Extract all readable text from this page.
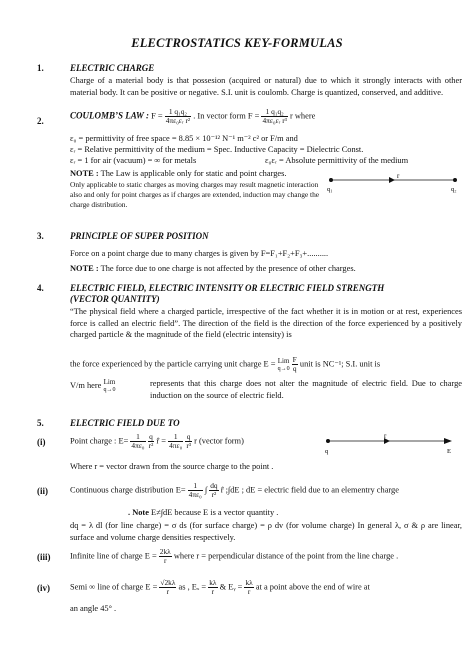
ELECTROSTATICS KEY-FORMULAS
1.	ELECTRIC CHARGE
Charge of a material body is that possesion (acquired or natural) due to which it strongly interacts with other material body. It can be positive or negative. S.I. unit is coulomb. Charge is quantized, conserved, and additive.
2.
COULOMB’S LAW : $F = \frac{\text{1 q₁q₂}}{\text{4πε₀εᵣ r²}}$ . In vector form $F = \frac{\text{1 q₁q₂}}{\text{4πε₀εᵣ r³}}$ r where
ε₀ = permittivity of free space = 8.85 × 10⁻¹² N⁻¹ m⁻² c² or F/m and
εᵣ = Relative permittivity of the medium = Spec. Inductive Capacity = Dielectric Const.
εᵣ = 1 for air (vacuum) = ∞ for metals	ε₀εᵣ = Absolute permittivity of the medium
NOTE : The Law is applicable only for static and point charges.
Only applicable to static charges as moving charges may result magnetic interaction also and only for point charges as if charges are extended, induction may change the charge distribution.
r
q₁	q₂
3.	PRINCIPLE OF SUPER POSITION
Force on a point charge due to many charges is given by F=F₁+F₂+F₃+..........
NOTE : The force due to one charge is not affected by the presence of other charges.
4.	ELECTRIC FIELD, ELECTRIC INTENSITY OR ELECTRIC FIELD STRENGTH
(VECTOR QUANTITY)
“The physical field where a charged particle, irrespective of the fact whether it is in motion or at rest, experiences force is called an electric field”. The direction of the field is the direction of the force experienced by a positively charged particle & the magnitude of the field (electric intensity) is
the force experienced by the particle carrying unit charge E = Lim
q→0
$\frac{F}{q}$ unit is NC⁻¹; S.I. unit is
V/m here Lim
q→0
represents that this charge does not alter the magnitude of electric field. Due to charge induction on the source of electric field.
5.	ELECTRIC FIELD DUE TO
(i)	Point charge : $E= \frac{1}{\text{4πε₀}}$
$\frac{q}{\text{r²}}$ r̂ = $\frac{1}{\text{4πε₀}}$
$\frac{q}{\text{r³}}$ r (vector form)
r
q	E
Where r = vector drawn from the source charge to the point .
(ii)	Continuous charge distribution $E= \frac{1}{\text{4πε₀}}$ ∫ $\frac{dq}{\text{r²}}$ r̂ ;∫dE ; dE = electric field due to an elementry charge
. Note E≠∫dE because E is a vector quantity .
dq = λ dl (for line charge) = σ ds (for surface charge) = ρ dv (for volume charge) In general λ, σ & ρ are linear, surface and volume charge densities respectively.
(iii) Infinite line of charge $E = \frac{2k\lambda}{r}$ where r = perpendicular distance of the point from the line charge .
(iv) Semi ∞ line of charge $E = \frac{√2k\lambda}{r}$ as , $E_x = \frac{k\lambda}{r}$ & Eᵧ = $\frac{k\lambda}{r}$ at a point above the end of wire at
an angle 45° .
